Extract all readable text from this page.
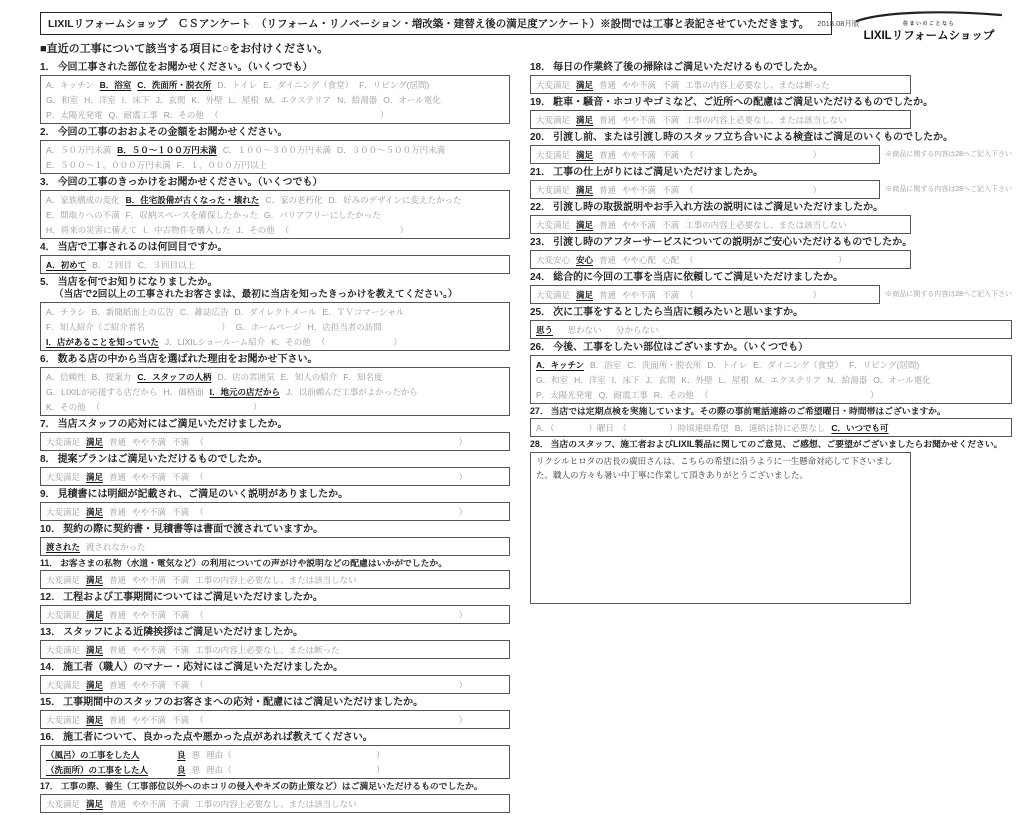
LIXILリフォームショップ　ＣＳアンケート　（リフォーム・リノベーション・増改築・建替え後の満足度アンケート）※設問では工事と表記させていただきます。 2018.08月版	住まいのことなら
LIXILリフォームショップ
■直近の工事について該当する項目に○をお付けください。
1． 今回工事された部位をお聞かせください。（いくつでも）
A．キッチン B．浴室 C．洗面所・脱衣所 D．トイレ E．ダイニング（食堂） F．リビング(居間)
G．和室 H．洋室 I．床下 J．玄関 K．外壁 L．屋根 M．エクステリア N．給湯器 O．オール電化
P．太陽光発電 Q．耐震工事 R．その他 （　　　　　　　　　　　　　　　　　　　）
2． 今回の工事のおおよその金額をお聞かせください。
A．５０万円未満 B．５０～１００万円未満 C．１００～３００万円未満 D．３００～５００万円未満
E．５００～１，０００万円未満 F．１，０００万円以上
3． 今回の工事のきっかけをお聞かせください。（いくつでも）
A．家族構成の変化 B．住宅設備が古くなった・壊れた C．家の老朽化 D．好みのデザインに変えたかった
E．間取りへの不満 F．収納スペースを確保したかった G．バリアフリーにしたかった
H．将来の災害に備えて I．中古物件を購入した J．その他 （　　　　　　　　　　　　　）
4． 当店で工事されるのは何回目ですか。
A．初めて B．２回目 C．３回目以上
5． 当店を何でお知りになりましたか。
（当店で2回以上の工事されたお客さまは、最初に当店を知ったきっかけを教えてください。）
A．チラシ B．新聞紙面上の広告 C．雑誌広告 D．ダイレクトメール E．ＴＶコマーシャル
F．知人紹介（ご紹介者名　　　　　　　　　） G．ホームページ H．店担当者の訪問
I．店があることを知っていた J．LIXILショールーム紹介 K．その他 （　　　　　　　　）
6． 数ある店の中から当店を選ばれた理由をお聞かせ下さい。
A．信頼性 B．提案力 C．スタッフの人柄 D．店の雰囲気 E．知人の紹介 F．知名度
G．LIXILが応援する店だから H．価格面 I．地元の店だから J．以前頼んだ工事がよかったから
K．その他 （　　　　　　　　　　　　　　　　　　）
7． 当店スタッフの応対にはご満足いただけましたか。
大変満足 満足 普通 やや不満 不満 （　　　　　　　　　　　　　　　　　　　　　　　　　　　　　　）
8． 提案プランはご満足いただけるものでしたか。
大変満足 満足 普通 やや不満 不満 （　　　　　　　　　　　　　　　　　　　　　　　　　　　　　　）
9． 見積書には明細が記載され、ご満足のいく説明がありましたか。
大変満足 満足 普通 やや不満 不満 （　　　　　　　　　　　　　　　　　　　　　　　　　　　　　　）
10． 契約の際に契約書・見積書等は書面で渡されていますか。
渡された 渡されなかった
11． お客さまの私物（水道・電気など）の利用についての声がけや説明などの配慮はいかがでしたか。
大変満足 満足 普通 やや不満 不満 工事の内容上必要なし、または該当しない
12． 工程および工事期間についてはご満足いただけましたか。
大変満足 満足 普通 やや不満 不満 （　　　　　　　　　　　　　　　　　　　　　　　　　　　　　　）
13． スタッフによる近隣挨拶はご満足いただけましたか。
大変満足 満足 普通 やや不満 不満 工事の内容上必要なし、または断った
14． 施工者（職人）のマナー・応対にはご満足いただけましたか。
大変満足 満足 普通 やや不満 不満 （　　　　　　　　　　　　　　　　　　　　　　　　　　　　　　）
15． 工事期間中のスタッフのお客さまへの応対・配慮にはご満足いただけましたか。
大変満足 満足 普通 やや不満 不満 （　　　　　　　　　　　　　　　　　　　　　　　　　　　　　　）
16． 施工者について、良かった点や悪かった点があれば教えてください。
（風呂）の工事をした人　　　	良 悪 理由（　　　　　　　　　　　　　　　　　）
（洗面所）の工事をした人　　	良 悪 理由（　　　　　　　　　　　　　　　　　）
17． 工事の際、養生（工事部位以外へのホコリの侵入やキズの防止策など）はご満足いただけるものでしたか。
大変満足 満足 普通 やや不満 不満 工事の内容上必要なし、または該当しない
18． 毎日の作業終了後の掃除はご満足いただけるものでしたか。
大変満足 満足 普通 やや不満 不満 工事の内容上必要なし、または断った
19． 駐車・騒音・ホコリやゴミなど、ご近所への配慮はご満足いただけるものでしたか。
大変満足 満足 普通 やや不満 不満 工事の内容上必要なし、または該当しない
20． 引渡し前、または引渡し時のスタッフ立ち合いによる検査はご満足のいくものでしたか。
大変満足 満足 普通 やや不満 不満 （　　　　　　　　　　　　　　）	※商品に関する内容は28へご記入下さい
21． 工事の仕上がりにはご満足いただけましたか。
大変満足 満足 普通 やや不満 不満 （　　　　　　　　　　　　　　）	※商品に関する内容は28へご記入下さい
22． 引渡し時の取扱説明やお手入れ方法の説明にはご満足いただけましたか。
大変満足 満足 普通 やや不満 不満 工事の内容上必要なし、または該当しない
23． 引渡し時のアフターサービスについての説明がご安心いただけるものでしたか。
大変安心 安心 普通 やや心配 心配 （　　　　　　　　　　　　　　　　　）
24． 総合的に今回の工事を当店に依頼してご満足いただけましたか。
大変満足 満足 普通 やや不満 不満 （　　　　　　　　　　　　　　）	※商品に関する内容は28へご記入下さい
25． 次に工事をするとしたら当店に頼みたいと思いますか。
思う　思わない　分からない
26． 今後、工事をしたい部位はございますか。（いくつでも）
A．キッチン B．浴室 C．洗面所・脱衣所 D．トイレ E．ダイニング（食堂） F．リビング(居間)
G．和室 H．洋室 I．床下 J．玄関 K．外壁 L．屋根 M．エクステリア N．給湯器 O．オール電化
P．太陽光発電 Q．耐震工事 R．その他 （　　　　　　　　　　　　　　　　　　　）
27． 当店では定期点検を実施しています。その際の事前電話連絡のご希望曜日・時間帯はございますか。
A．（　　　　）曜日　（　　　　　）時頃連絡希望 B．連絡は特に必要なし C．いつでも可
28． 当店のスタッフ、施工者およびLIXIL製品に関してのご意見、ご感想、ご要望がございましたらお聞かせください。
リクシルヒロタの店長の廣田さんは、こちらの希望に沿うように一生懸命対応して下さいました。職人の方々も暑い中丁寧に作業して頂きありがとうございました。
